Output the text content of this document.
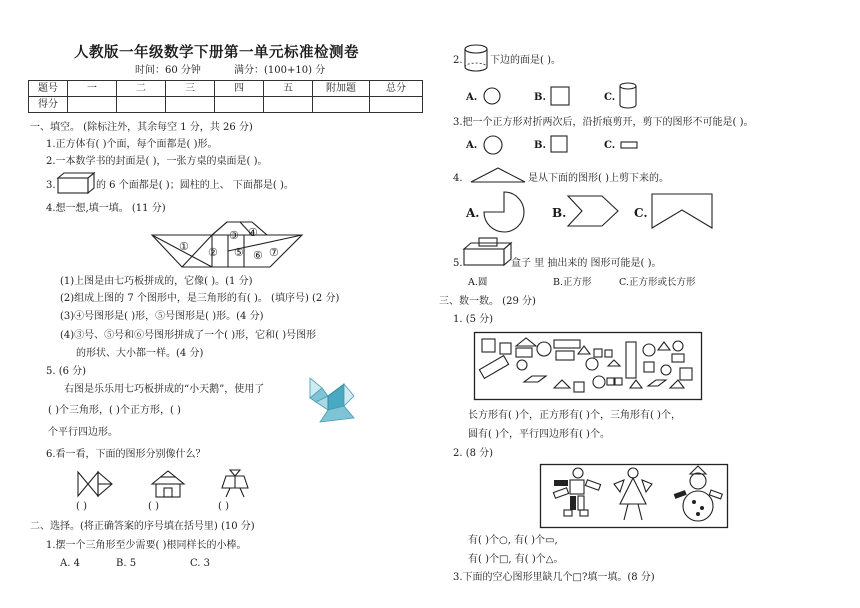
人教版一年级数学下册第一单元标准检测卷
时间：60 分钟	满分：(100+10) 分
题号	一	二	三	四	五	附加题	总分
得分							
一、填空。 (除标注外，其余每空 1 分，共 26 分)
1.正方体有( )个面，每个面都是( )形。
2.一本数学书的封面是( )，一张方桌的桌面是( )。
3.	的 6 个面都是( )；圆柱的上、 下面都是( )。
4.想一想,填一填。 (11 分)
① ②
③ ④
⑤ ⑥ ⑦
(1)上图是由七巧板拼成的，它像( )。(1 分)
(2)组成上图的 7 个图形中，是三角形的有( )。 (填序号) (2 分)
(3)④号图形是( )形，⑤号图形是( )形。(4 分)
(4)③号、⑤号和⑥号图形拼成了一个( )形，它和( )号图形
的形状、大小都一样。(4 分)
5. (6 分)
右图是乐乐用七巧板拼成的“小天鹅”，使用了
( )个三角形，( )个正方形，( )
个平行四边形。
6.看一看，下面的图形分别像什么？
( )	( )	( )
二、选择。(将正确答案的序号填在括号里) (10 分)
1.摆一个三角形至少需要( )根同样长的小棒。
A. 4	B. 5	C. 3
2.	下边的面是( )。
A.	B.	C.
3.把一个正方形对折两次后，沿折痕剪开，剪下的图形不可能是( )。
A.	B.	C.
4.	是从下面的图形( )上剪下来的。
A.	B.	C.
5.	盒子 里 抽出来的 图形可能是( )。
A.圆	B.正方形	C.正方形或长方形
三、数一数。 (29 分)
1. (5 分)
长方形有( )个，正方形有( )个，三角形有( )个，
圆有( )个，平行四边形有( )个。
2. (8 分)
有( )个○, 有( )个▭,
有( )个□, 有( )个△。
3.下面的空心图形里缺几个□?填一填。(8 分)
